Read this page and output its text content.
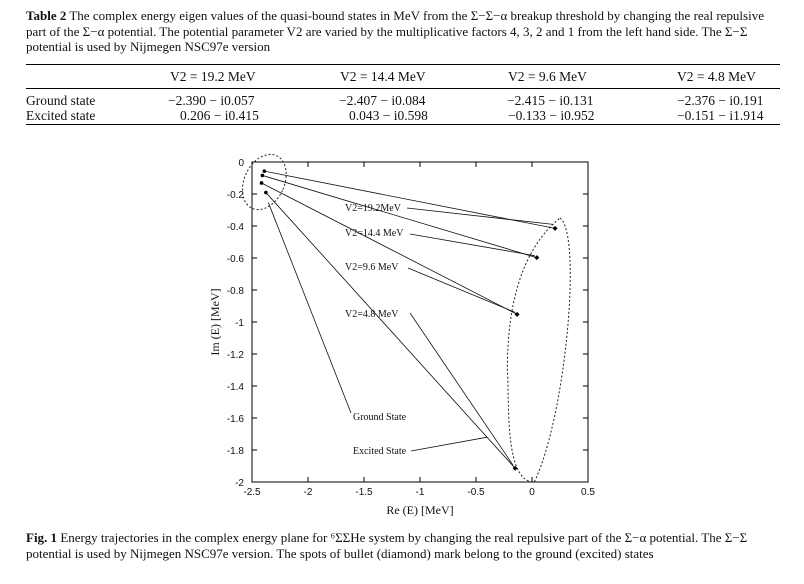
Table 2 The complex energy eigen values of the quasi-bound states in MeV from the Σ−Σ−α breakup threshold by changing the real repulsive part of the Σ−α potential. The potential parameter V2 are varied by the multiplicative factors 4, 3, 2 and 1 from the left hand side. The Σ−Σ potential is used by Nijmegen NSC97e version
V2 = 19.2 MeV	V2 = 14.4 MeV	V2 = 9.6 MeV	V2 = 4.8 MeV
Ground state	−2.390 − i0.057	−2.407 − i0.084	−2.415 − i0.131	−2.376 − i0.191
Excited state	0.206 − i0.415	0.043 − i0.598	−0.133 − i0.952	−0.151 − i1.914
-2.5	-2	-1.5	-1	-0.5	0	0.5
0
-0.2
-0.4
-0.6
-0.8
-1
-1.2
-1.4
-1.6
-1.8
-2
Re (E) [MeV]
Im (E) [MeV]
V2=19.2MeV
V2=14.4 MeV
V2=9.6 MeV
V2=4.8 MeV
Ground State
Excited State
Fig. 1 Energy trajectories in the complex energy plane for ⁶ΣΣHe system by changing the real repulsive part of the Σ−α potential. The Σ−Σ potential is used by Nijmegen NSC97e version. The spots of bullet (diamond) mark belong to the ground (excited) states
